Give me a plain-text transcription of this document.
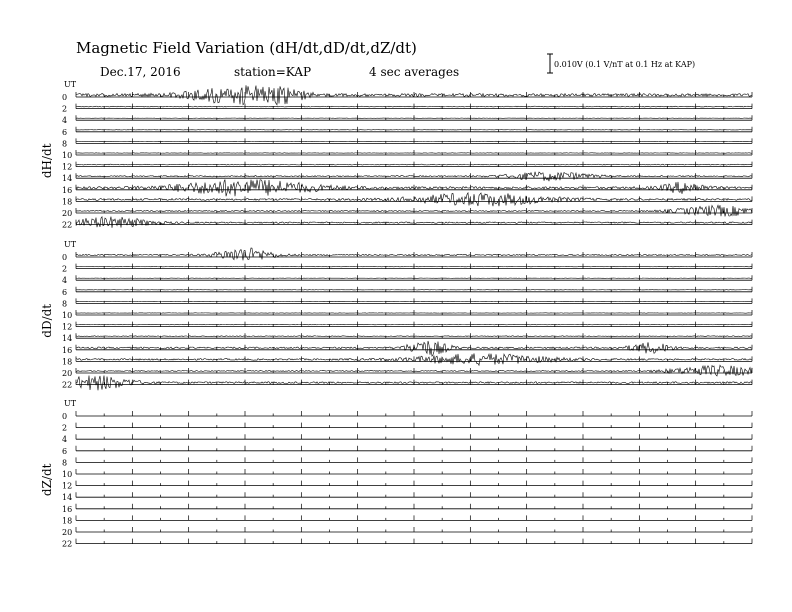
Magnetic Field Variation (dH/dt,dD/dt,dZ/dt)
Dec.17, 2016	station=KAP	4 sec averages
0.010V (0.1 V/nT at 0.1 Hz at KAP)
UT
dH/dt
0
2
4
6
8
10
12
14
16
18
20
22
UT
dD/dt
0
2
4
6
8
10
12
14
16
18
20
22
UT
dZ/dt
0
2
4
6
8
10
12
14
16
18
20
22
